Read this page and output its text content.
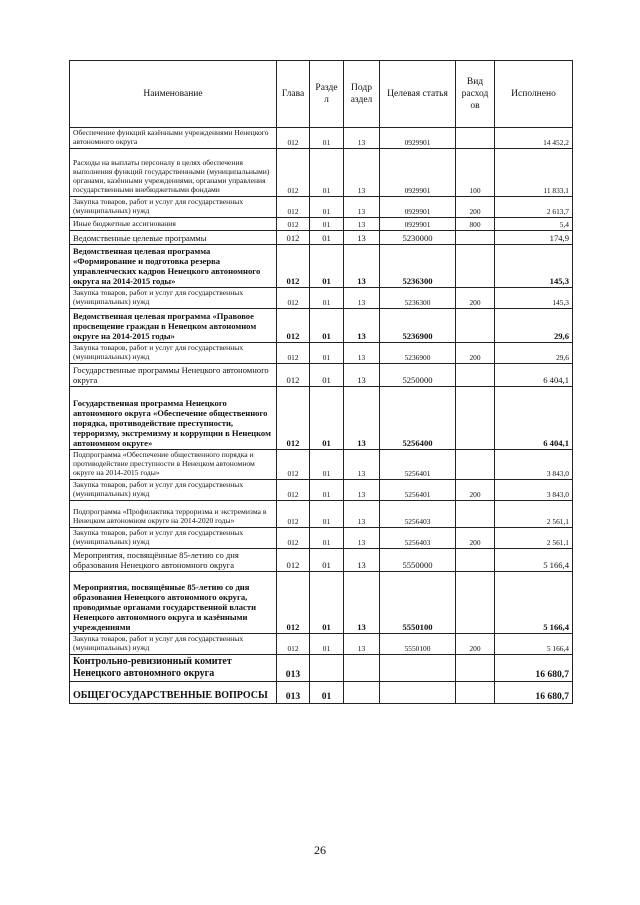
Наименование	Глава	Разде л	Подр аздел	Целевая статья	Вид расход ов	Исполнено
Обеспечение функций казёнными учреждениями Ненецкого автономного округа	012	01	13	0929901		14 452,2
Расходы на выплаты персоналу в целях обеспечения выполнения функций государственными (муниципальными) органами, казёнными учреждениями, органами управления государственными внебюджетными фондами	012	01	13	0929901	100	11 833,1
Закупка товаров, работ и услуг для государственных (муниципальных) нужд	012	01	13	0929901	200	2 613,7
Иные бюджетные ассигнования	012	01	13	0929901	800	5,4
Ведомственные целевые программы	012	01	13	5230000		174,9
Ведомственная целевая программа «Формирование и подготовка резерва управленческих кадров Ненецкого автономного округа на 2014-2015 годы»	012	01	13	5236300		145,3
Закупка товаров, работ и услуг для государственных (муниципальных) нужд	012	01	13	5236300	200	145,3
Ведомственная целевая программа «Правовое просвещение граждан в Ненецком автономном округе на 2014-2015 годы»	012	01	13	5236900		29,6
Закупка товаров, работ и услуг для государственных (муниципальных) нужд	012	01	13	5236900	200	29,6
Государственные программы Ненецкого автономного округа	012	01	13	5250000		6 404,1
Государственная программа Ненецкого автономного округа «Обеспечение общественного порядка, противодействие преступности, терроризму, экстремизму и коррупции в Ненецком автономном округе»	012	01	13	5256400		6 404,1
Подпрограмма «Обеспечение общественного порядка и противодействие преступности в Ненецком автономном округе на 2014-2015 годы»	012	01	13	5256401		3 843,0
Закупка товаров, работ и услуг для государственных (муниципальных) нужд	012	01	13	5256401	200	3 843,0
Подпрограмма «Профилактика терроризма и экстремизма в Ненецком автономном округе на 2014-2020 годы»	012	01	13	5256403		2 561,1
Закупка товаров, работ и услуг для государственных (муниципальных) нужд	012	01	13	5256403	200	2 561,1
Мероприятия, посвящённые 85-летию со дня образования Ненецкого автономного округа	012	01	13	5550000		5 166,4
Мероприятия, посвящённые 85-летию со дня образования Ненецкого автономного округа, проводимые органами государственной власти Ненецкого автономного округа и казёнными учреждениями	012	01	13	5550100		5 166,4
Закупка товаров, работ и услуг для государственных (муниципальных) нужд	012	01	13	5550100	200	5 166,4
Контрольно-ревизионный комитет Ненецкого автономного округа	013					16 680,7
ОБЩЕГОСУДАРСТВЕННЫЕ ВОПРОСЫ	013	01				16 680,7
26
